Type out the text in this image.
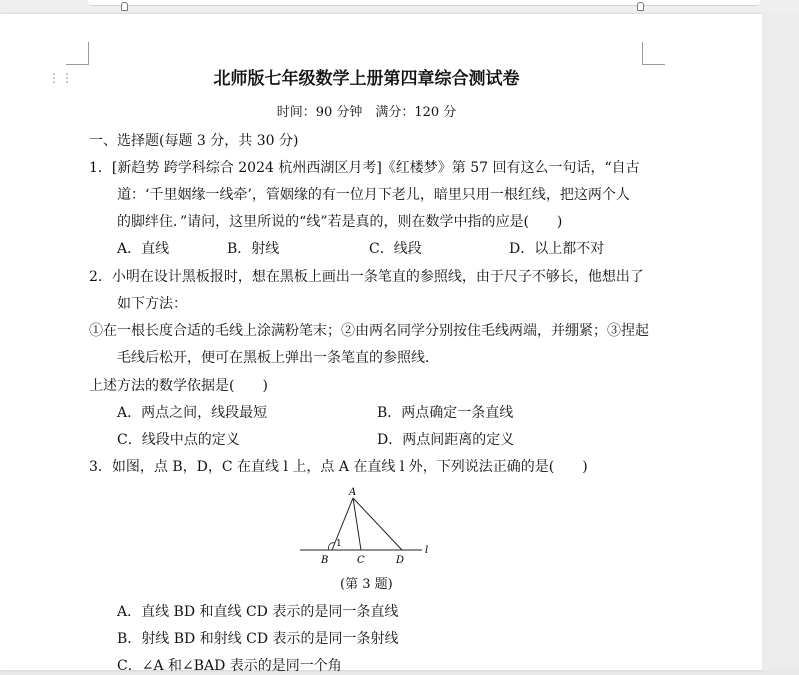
⋮⋮	北师版七年级数学上册第四章综合测试卷
时间：90 分钟　满分：120 分
一、选择题(每题 3 分，共 30 分)
1．[新趋势 跨学科综合 2024 杭州西湖区月考]《红楼梦》第 57 回有这么一句话，“自古
道：‘千里姻缘一线牵’，管姻缘的有一位月下老儿，暗里只用一根红线，把这两个人
的脚绊住．”请问，这里所说的“线”若是真的，则在数学中指的应是(　　)
A．直线	B．射线	C．线段	D．以上都不对
2．小明在设计黑板报时，想在黑板上画出一条笔直的参照线，由于尺子不够长，他想出了
如下方法：
①在一根长度合适的毛线上涂满粉笔末；②由两名同学分别按住毛线两端，并绷紧；③捏起
毛线后松开，便可在黑板上弹出一条笔直的参照线．
上述方法的数学依据是(　　)
A．两点之间，线段最短	B．两点确定一条直线
C．线段中点的定义	D．两点间距离的定义
3．如图，点 B，D，C 在直线 l 上，点 A 在直线 l 外，下列说法正确的是(　　)
A
B
1
C	D
l
(第 3 题)
A．直线 BD 和直线 CD 表示的是同一条直线
B．射线 BD 和射线 CD 表示的是同一条射线
C．∠A 和∠BAD 表示的是同一个角
